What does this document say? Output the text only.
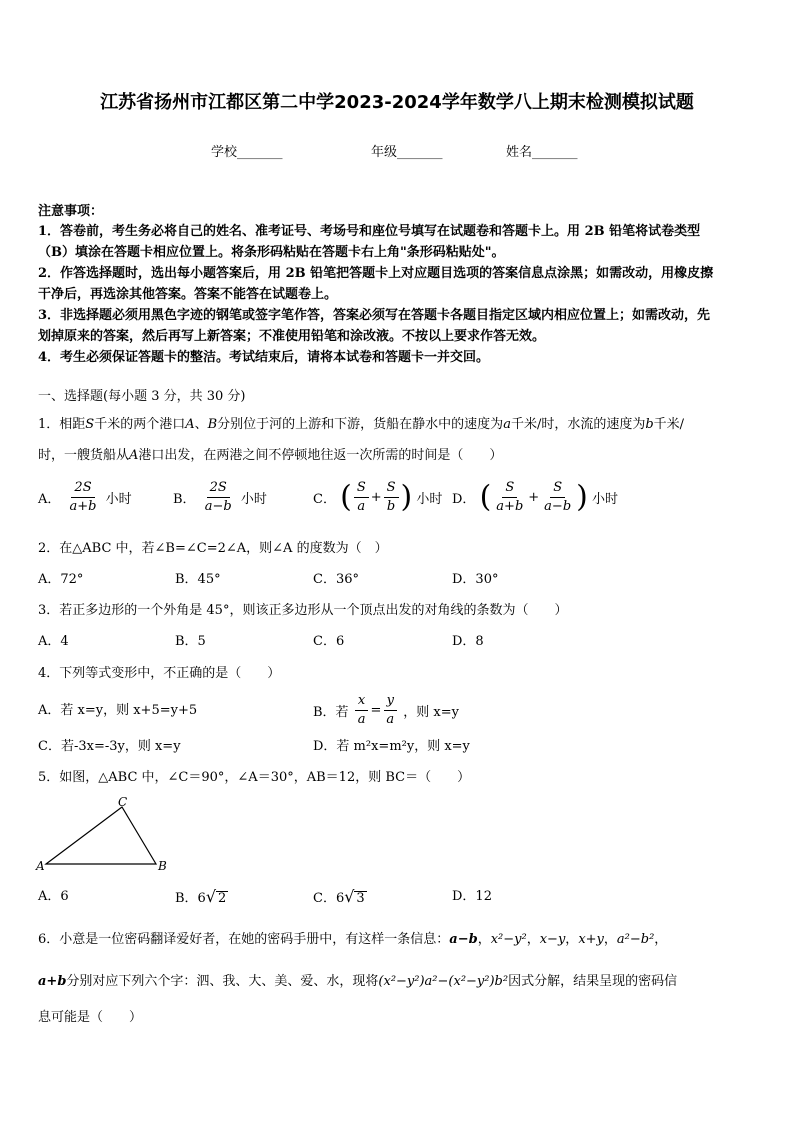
江苏省扬州市江都区第二中学2023-2024学年数学八上期末检测模拟试题
学校_______	年级_______	姓名_______
注意事项：
1．答卷前，考生务必将自己的姓名、准考证号、考场号和座位号填写在试题卷和答题卡上。用 2B 铅笔将试卷类型
（B）填涂在答题卡相应位置上。将条形码粘贴在答题卡右上角"条形码粘贴处"。
2．作答选择题时，选出每小题答案后，用 2B 铅笔把答题卡上对应题目选项的答案信息点涂黑；如需改动，用橡皮擦
干净后，再选涂其他答案。答案不能答在试题卷上。
3．非选择题必须用黑色字迹的钢笔或签字笔作答，答案必须写在答题卡各题目指定区域内相应位置上；如需改动，先
划掉原来的答案，然后再写上新答案；不准使用铅笔和涂改液。不按以上要求作答无效。
4．考生必须保证答题卡的整洁。考试结束后，请将本试卷和答题卡一并交回。
一、选择题(每小题 3 分，共 30 分)
1．相距S千米的两个港口A、B分别位于河的上游和下游，货船在静水中的速度为a千米/时，水流的速度为b千米/
时，一艘货船从A港口出发，在两港之间不停顿地往返一次所需的时间是（　　）
A． $\frac{2S}{a+b}$ 小时	B． $\frac{2S}{a-b}$ 小时	C． ( $\frac{S}{a} + \frac{S}{b}$ ) 小时 D． ( $\frac{S}{a+b} + \frac{S}{a-b}$ ) 小时
2．在△ABC 中，若∠B=∠C=2∠A，则∠A 的度数为（　）
A．72°	B．45°	C．36°	D．30°
3．若正多边形的一个外角是 45°，则该正多边形从一个顶点出发的对角线的条数为（　　）
A．4	B．5	C．6	D．8
4．下列等式变形中，不正确的是（　　）
A．若 x=y，则 x+5=y+5	B．若 $\frac{x}{a} = \frac{y}{a}$ ，则 x=y
C．若-3x=-3y，则 x=y	D．若 m²x=m²y，则 x=y
5．如图，△ABC 中，∠C＝90°，∠A＝30°，AB＝12，则 BC＝（　　）
A	B
C
A．6	B．6√ 2	C．6√ 3	D．12
6．小意是一位密码翻译爱好者，在她的密码手册中，有这样一条信息：a−b，x²−y²，x−y，x+y，a²−b²，
a+b分别对应下列六个字：泗、我、大、美、爱、水，现将(x²−y²)a²−(x²−y²)b²因式分解，结果呈现的密码信
息可能是（　　）
